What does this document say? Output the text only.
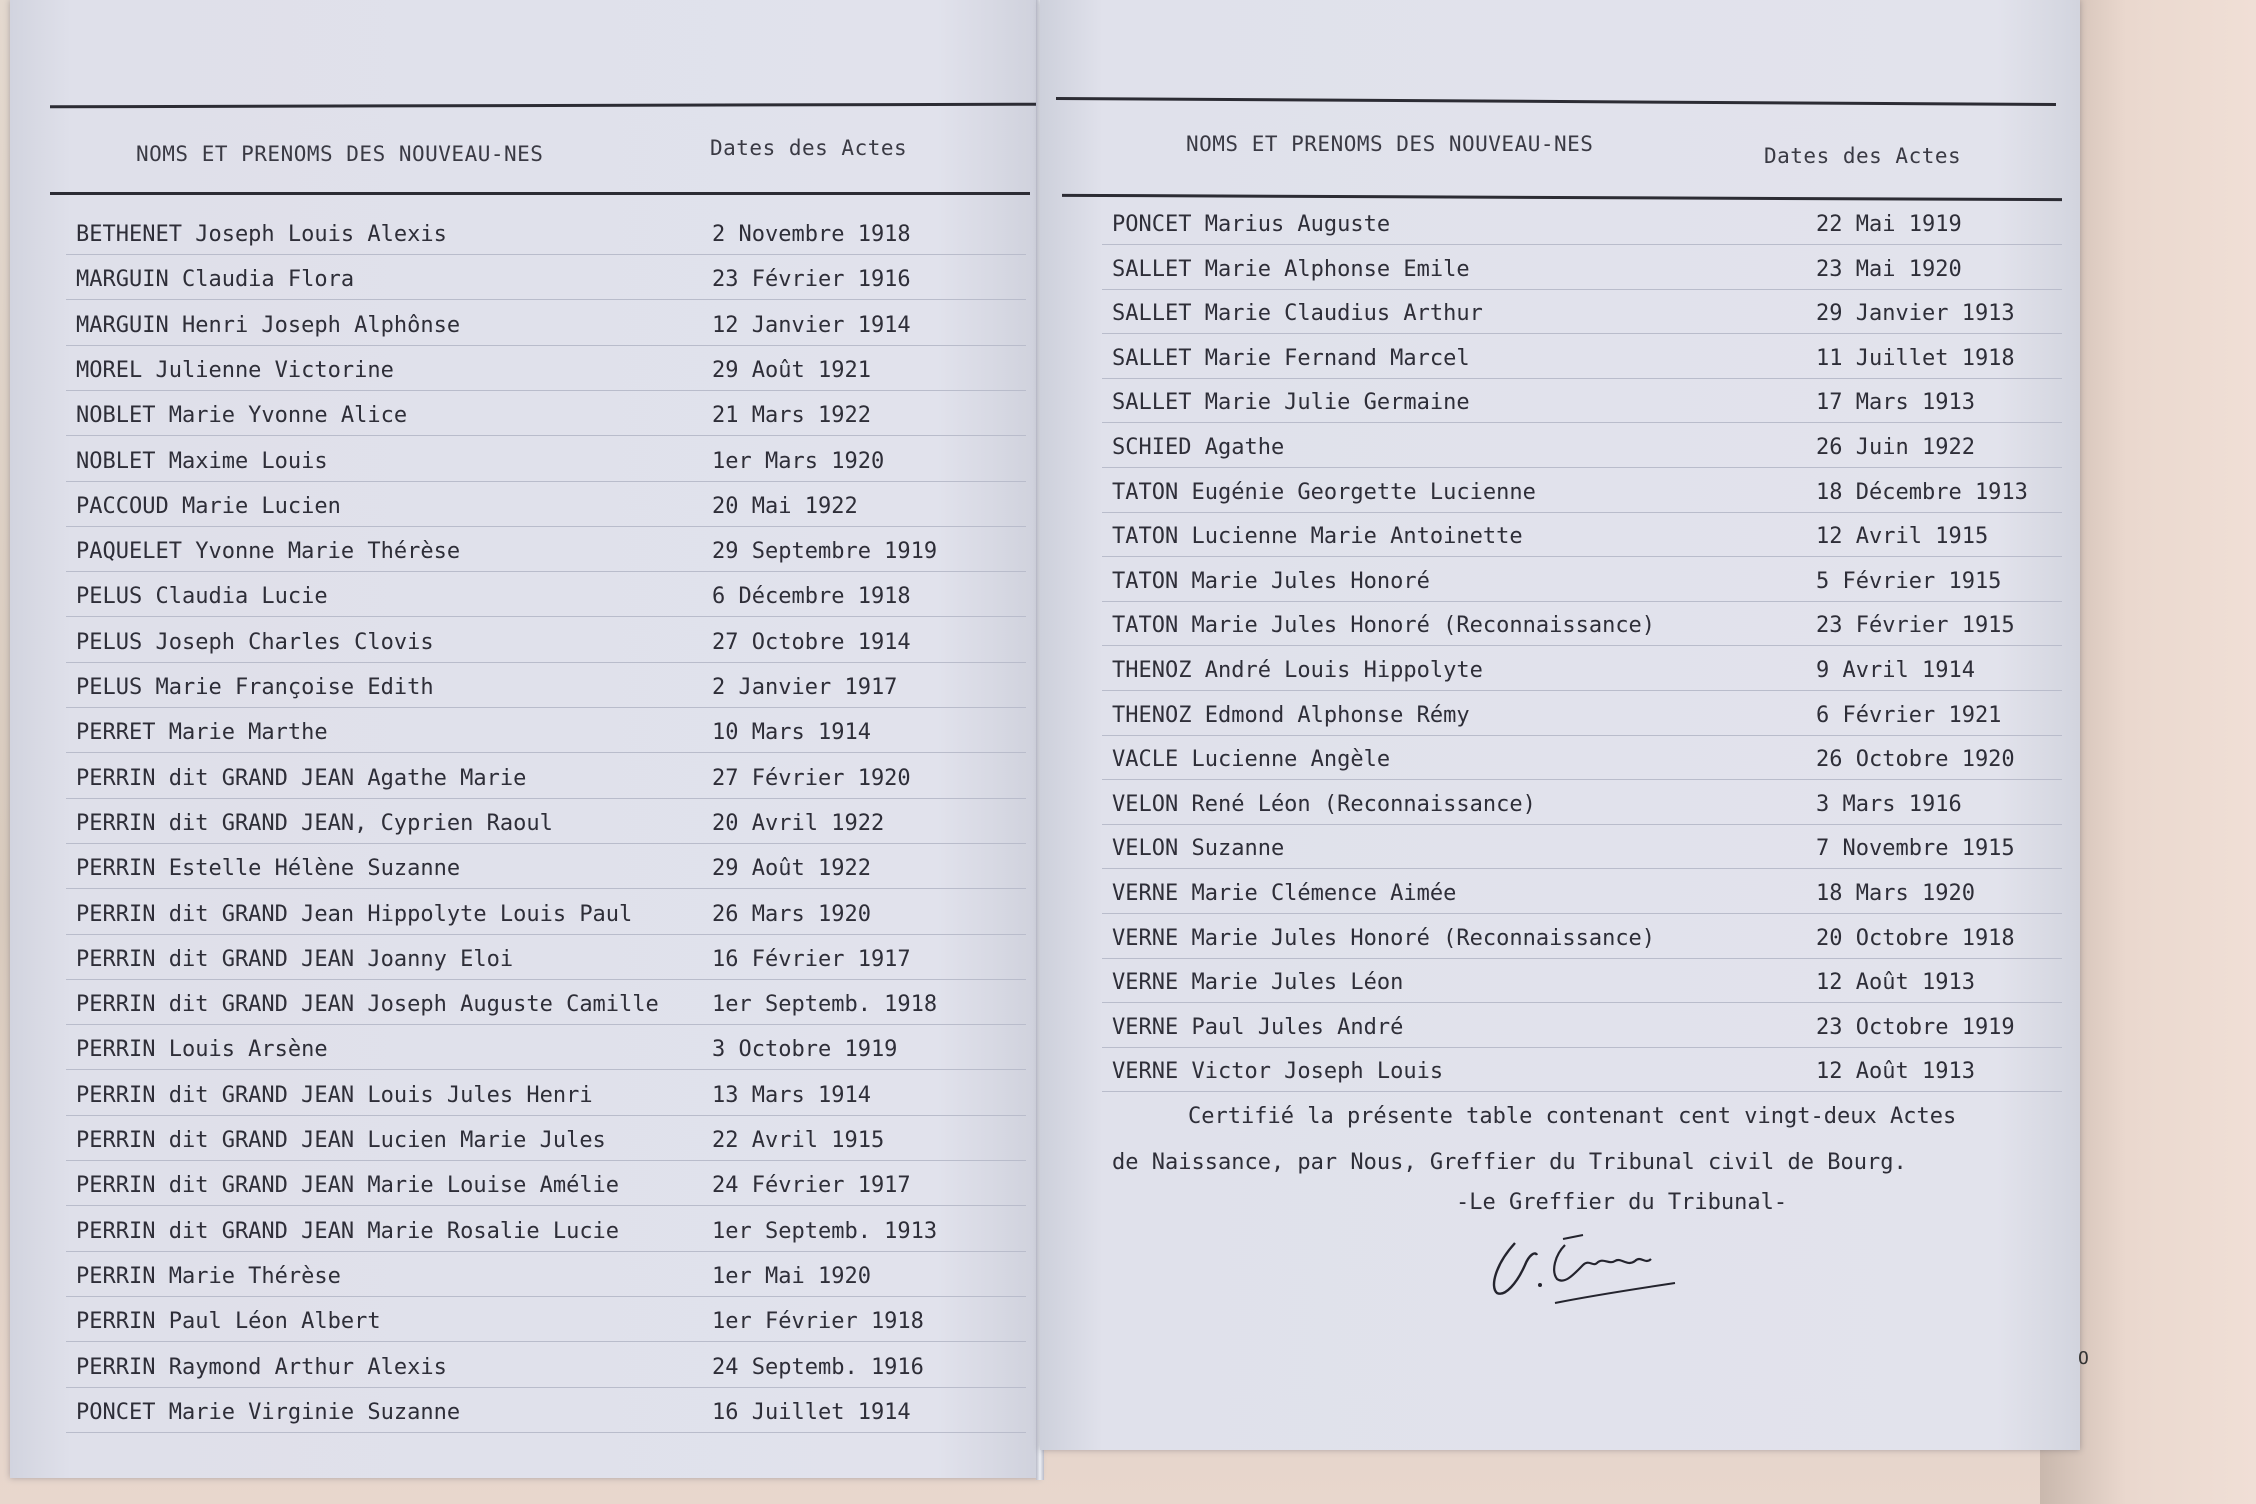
NOMS ET PRENOMS DES NOUVEAU-NES	Dates des Actes
BETHENET Joseph Louis Alexis	2 Novembre 1918
MARGUIN Claudia Flora	23 Février 1916
MARGUIN Henri Joseph Alphônse	12 Janvier 1914
MOREL Julienne Victorine	29 Août 1921
NOBLET Marie Yvonne Alice	21 Mars 1922
NOBLET Maxime Louis	1er Mars 1920
PACCOUD Marie Lucien	20 Mai 1922
PAQUELET Yvonne Marie Thérèse	29 Septembre 1919
PELUS Claudia Lucie	6 Décembre 1918
PELUS Joseph Charles Clovis	27 Octobre 1914
PELUS Marie Françoise Edith	2 Janvier 1917
PERRET Marie Marthe	10 Mars 1914
PERRIN dit GRAND JEAN Agathe Marie	27 Février 1920
PERRIN dit GRAND JEAN, Cyprien Raoul	20 Avril 1922
PERRIN Estelle Hélène Suzanne	29 Août 1922
PERRIN dit GRAND Jean Hippolyte Louis Paul	26 Mars 1920
PERRIN dit GRAND JEAN Joanny Eloi	16 Février 1917
PERRIN dit GRAND JEAN Joseph Auguste Camille 1er Septemb. 1918
PERRIN Louis Arsène	3 Octobre 1919
PERRIN dit GRAND JEAN Louis Jules Henri	13 Mars 1914
PERRIN dit GRAND JEAN Lucien Marie Jules	22 Avril 1915
PERRIN dit GRAND JEAN Marie Louise Amélie	24 Février 1917
PERRIN dit GRAND JEAN Marie Rosalie Lucie	1er Septemb. 1913
PERRIN Marie Thérèse	1er Mai 1920
PERRIN Paul Léon Albert	1er Février 1918
PERRIN Raymond Arthur Alexis	24 Septemb. 1916
PONCET Marie Virginie Suzanne	16 Juillet 1914
NOMS ET PRENOMS DES NOUVEAU-NES	Dates des Actes
PONCET Marius Auguste	22 Mai 1919
SALLET Marie Alphonse Emile	23 Mai 1920
SALLET Marie Claudius Arthur	29 Janvier 1913
SALLET Marie Fernand Marcel	11 Juillet 1918
SALLET Marie Julie Germaine	17 Mars 1913
SCHIED Agathe	26 Juin 1922
TATON Eugénie Georgette Lucienne	18 Décembre 1913
TATON Lucienne Marie Antoinette	12 Avril 1915
TATON Marie Jules Honoré	5 Février 1915
TATON Marie Jules Honoré (Reconnaissance)	23 Février 1915
THENOZ André Louis Hippolyte	9 Avril 1914
THENOZ Edmond Alphonse Rémy	6 Février 1921
VACLE Lucienne Angèle	26 Octobre 1920
VELON René Léon (Reconnaissance)	3 Mars 1916
VELON Suzanne	7 Novembre 1915
VERNE Marie Clémence Aimée	18 Mars 1920
VERNE Marie Jules Honoré (Reconnaissance)	20 Octobre 1918
VERNE Marie Jules Léon	12 Août 1913
VERNE Paul Jules André	23 Octobre 1919
VERNE Victor Joseph Louis	12 Août 1913
Certifié la présente table contenant cent vingt-deux Actes
de Naissance, par Nous, Greffier du Tribunal civil de Bourg.
-Le Greffier du Tribunal-
J. Chièvon
O
